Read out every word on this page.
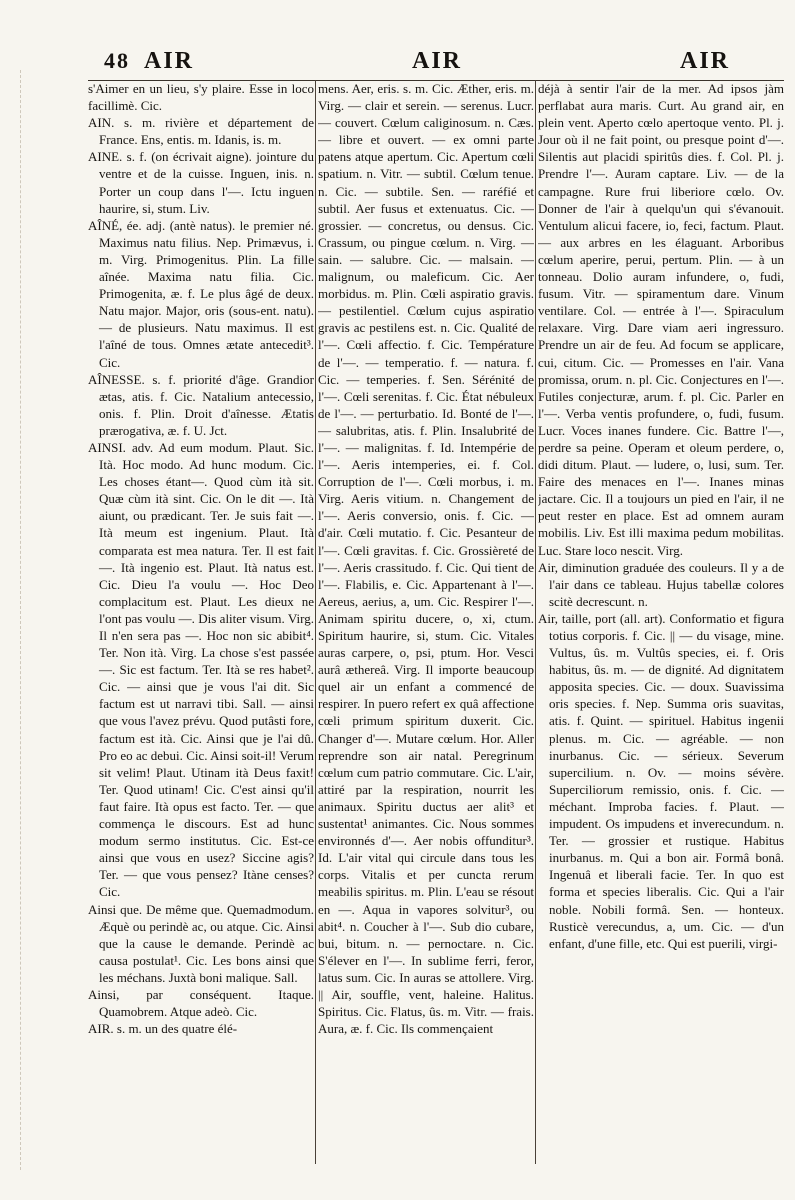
48 AIR	AIR	AIR

s'Aimer en un lieu, s'y plaire. Esse in loco facillimè. Cic.

AIN. s. m. rivière et département de France. Ens, entis. m. Idanis, is. m.

AINE. s. f. (on écrivait aigne). jointure du ventre et de la cuisse. Inguen, inis. n. Porter un coup dans l'—. Ictu inguen haurire, si, stum. Liv.

AÎNÉ, ée. adj. (antè natus). le premier né. Maximus natu filius. Nep. Primævus, i. m. Virg. Primogenitus. Plin. La fille aînée. Maxima natu filia. Cic. Primogenita, æ. f. Le plus âgé de deux. Natu major. Major, oris (sous-ent. natu). — de plusieurs. Natu maximus. Il est l'aîné de tous. Omnes ætate antecedit³. Cic.

AÎNESSE. s. f. priorité d'âge. Grandior ætas, atis. f. Cic. Natalium antecessio, onis. f. Plin. Droit d'aînesse. Ætatis prærogativa, æ. f. U. Jct.

AINSI. adv. Ad eum modum. Plaut. Sic. Ità. Hoc modo. Ad hunc modum. Cic. Les choses étant—. Quod cùm ità sit. Quæ cùm ità sint. Cic. On le dit —. Ità aiunt, ou prædicant. Ter. Je suis fait —. Ità meum est ingenium. Plaut. Ità comparata est mea natura. Ter. Il est fait —. Ità ingenio est. Plaut. Ità natus est. Cic. Dieu l'a voulu —. Hoc Deo complacitum est. Plaut. Les dieux ne l'ont pas voulu —. Dis aliter visum. Virg. Il n'en sera pas —. Hoc non sic abibit⁴. Ter. Non ità. Virg. La chose s'est passée —. Sic est factum. Ter. Ità se res habet². Cic. — ainsi que je vous l'ai dit. Sic factum est ut narravi tibi. Sall. — ainsi que vous l'avez prévu. Quod putâsti fore, factum est ità. Cic. Ainsi que je l'ai dû. Pro eo ac debui. Cic. Ainsi soit-il! Verum sit velim! Plaut. Utinam ità Deus faxit! Ter. Quod utinam! Cic. C'est ainsi qu'il faut faire. Ità opus est facto. Ter. — que commença le discours. Est ad hunc modum sermo institutus. Cic. Est-ce ainsi que vous en usez? Siccine agis? Ter. — que vous pensez? Itàne censes? Cic.

Ainsi que. De même que. Quemadmodum. Æquè ou perindè ac, ou atque. Cic. Ainsi que la cause le demande. Perindè ac causa postulat¹. Cic. Les bons ainsi que les méchans. Juxtà boni malique. Sall.

Ainsi, par conséquent. Itaque. Quamobrem. Atque adeò. Cic.

AIR. s. m. un des quatre élé-

mens. Aer, eris. s. m. Cic. Æther, eris. m. Virg. — clair et serein. — serenus. Lucr. — couvert. Cœlum caliginosum. n. Cæs. — libre et ouvert. — ex omni parte patens atque apertum. Cic. Apertum cœli spatium. n. Vitr. — subtil. Cœlum tenue. n. Cic. — subtile. Sen. — raréfié et subtil. Aer fusus et extenuatus. Cic. — grossier. — concretus, ou densus. Cic. Crassum, ou pingue cœlum. n. Virg. — sain. — salubre. Cic. — malsain. — malignum, ou maleficum. Cic. Aer morbidus. m. Plin. Cœli aspiratio gravis. — pestilentiel. Cœlum cujus aspiratio gravis ac pestilens est. n. Cic. Qualité de l'—. Cœli affectio. f. Cic. Température de l'—. — temperatio. f. — natura. f. Cic. — temperies. f. Sen. Sérénité de l'—. Cœli serenitas. f. Cic. État nébuleux de l'—. — perturbatio. Id. Bonté de l'—. — salubritas, atis. f. Plin. Insalubrité de l'—. — malignitas. f. Id. Intempérie de l'—. Aeris intemperies, ei. f. Col. Corruption de l'—. Cœli morbus, i. m. Virg. Aeris vitium. n. Changement de l'—. Aeris conversio, onis. f. Cic. — d'air. Cœli mutatio. f. Cic. Pesanteur de l'—. Cœli gravitas. f. Cic. Grossièreté de l'—. Aeris crassitudo. f. Cic. Qui tient de l'—. Flabilis, e. Cic. Appartenant à l'—. Aereus, aerius, a, um. Cic. Respirer l'—. Animam spiritu ducere, o, xi, ctum. Spiritum haurire, si, stum. Cic. Vitales auras carpere, o, psi, ptum. Hor. Vesci aurâ æthereâ. Virg. Il importe beaucoup quel air un enfant a commencé de respirer. In puero refert ex quâ affectione cœli primum spiritum duxerit. Cic. Changer d'—. Mutare cœlum. Hor. Aller reprendre son air natal. Peregrinum cœlum cum patrio commutare. Cic. L'air, attiré par la respiration, nourrit les animaux. Spiritu ductus aer alit³ et sustentat¹ animantes. Cic. Nous sommes environnés d'—. Aer nobis offunditur³. Id. L'air vital qui circule dans tous les corps. Vitalis et per cuncta rerum meabilis spiritus. m. Plin. L'eau se résout en —. Aqua in vapores solvitur³, ou abit⁴. n. Coucher à l'—. Sub dio cubare, bui, bitum. n. — pernoctare. n. Cic. S'élever en l'—. In sublime ferri, feror, latus sum. Cic. In auras se attollere. Virg. || Air, souffle, vent, haleine. Halitus. Spiritus. Cic. Flatus, ûs. m. Vitr. — frais. Aura, æ. f. Cic. Ils commençaient

déjà à sentir l'air de la mer. Ad ipsos jàm perflabat aura maris. Curt. Au grand air, en plein vent. Aperto cœlo apertoque vento. Pl. j. Jour où il ne fait point, ou presque point d'—. Silentis aut placidi spiritûs dies. f. Col. Pl. j. Prendre l'—. Auram captare. Liv. — de la campagne. Rure frui liberiore cœlo. Ov. Donner de l'air à quelqu'un qui s'évanouit. Ventulum alicui facere, io, feci, factum. Plaut. — aux arbres en les élaguant. Arboribus cœlum aperire, perui, pertum. Plin. — à un tonneau. Dolio auram infundere, o, fudi, fusum. Vitr. — spiramentum dare. Vinum ventilare. Col. — entrée à l'—. Spiraculum relaxare. Virg. Dare viam aeri ingressuro. Prendre un air de feu. Ad focum se applicare, cui, citum. Cic. — Promesses en l'air. Vana promissa, orum. n. pl. Cic. Conjectures en l'—. Futiles conjecturæ, arum. f. pl. Cic. Parler en l'—. Verba ventis profundere, o, fudi, fusum. Lucr. Voces inanes fundere. Cic. Battre l'—, perdre sa peine. Operam et oleum perdere, o, didi ditum. Plaut. — ludere, o, lusi, sum. Ter. Faire des menaces en l'—. Inanes minas jactare. Cic. Il a toujours un pied en l'air, il ne peut rester en place. Est ad omnem auram mobilis. Liv. Est illi maxima pedum mobilitas. Luc. Stare loco nescit. Virg.

Air, diminution graduée des couleurs. Il y a de l'air dans ce tableau. Hujus tabellæ colores scitè decrescunt. n.

Air, taille, port (all. art). Conformatio et figura totius corporis. f. Cic. || — du visage, mine. Vultus, ûs. m. Vultûs species, ei. f. Oris habitus, ûs. m. — de dignité. Ad dignitatem apposita species. Cic. — doux. Suavissima oris species. f. Nep. Summa oris suavitas, atis. f. Quint. — spirituel. Habitus ingenii plenus. m. Cic. — agréable. — non inurbanus. Cic. — sérieux. Severum supercilium. n. Ov. — moins sévère. Superciliorum remissio, onis. f. Cic. — méchant. Improba facies. f. Plaut. — impudent. Os impudens et inverecundum. n. Ter. — grossier et rustique. Habitus inurbanus. m. Qui a bon air. Formâ bonâ. Ingenuâ et liberali facie. Ter. In quo est forma et species liberalis. Cic. Qui a l'air noble. Nobili formâ. Sen. — honteux. Rusticè verecundus, a, um. Cic. — d'un enfant, d'une fille, etc. Qui est puerili, virgi-
